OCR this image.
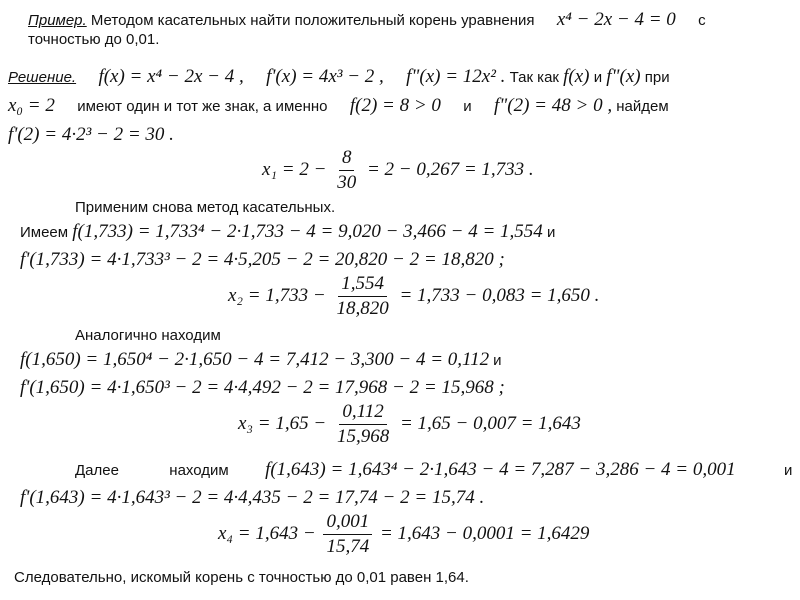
Пример. Методом касательных найти положительный корень уравнения x⁴ − 2x − 4 = 0 с
точностью до 0,01.
Решение. f(x) = x⁴ − 2x − 4 , f'(x) = 4x³ − 2 , f"(x) = 12x² . Так как f(x) и f"(x) при
x₀ = 2 имеют один и тот же знак, а именно f(2) = 8 > 0 и f"(2) = 48 > 0 , найдем
f'(2) = 4·2³ − 2 = 30 .
$x_1 = 2 - \frac{8}{30} = 2 - 0,267 = 1,733$ .
Применим снова метод касательных.
Имеем f(1,733) = 1,733⁴ − 2·1,733 − 4 = 9,020 − 3,466 − 4 = 1,554 и
f'(1,733) = 4·1,733³ − 2 = 4·5,205 − 2 = 20,820 − 2 = 18,820 ;
$x_2 = 1,733 - \frac{1,554}{18,820} = 1,733 - 0,083 = 1,650$ .
Аналогично находим
f(1,650) = 1,650⁴ − 2·1,650 − 4 = 7,412 − 3,300 − 4 = 0,112 и
f'(1,650) = 4·1,650³ − 2 = 4·4,492 − 2 = 17,968 − 2 = 15,968 ;
$x_3 = 1,65 - \frac{0,112}{15,968} = 1,65 - 0,007 = 1,643$
Далее	находим f(1,643) = 1,643⁴ − 2·1,643 − 4 = 7,287 − 3,286 − 4 = 0,001	и
f'(1,643) = 4·1,643³ − 2 = 4·4,435 − 2 = 17,74 − 2 = 15,74 .
$x_4 = 1,643 - \frac{0,001}{15,74} = 1,643 - 0,0001 = 1,6429$
Следовательно, искомый корень с точностью до 0,01 равен 1,64.
